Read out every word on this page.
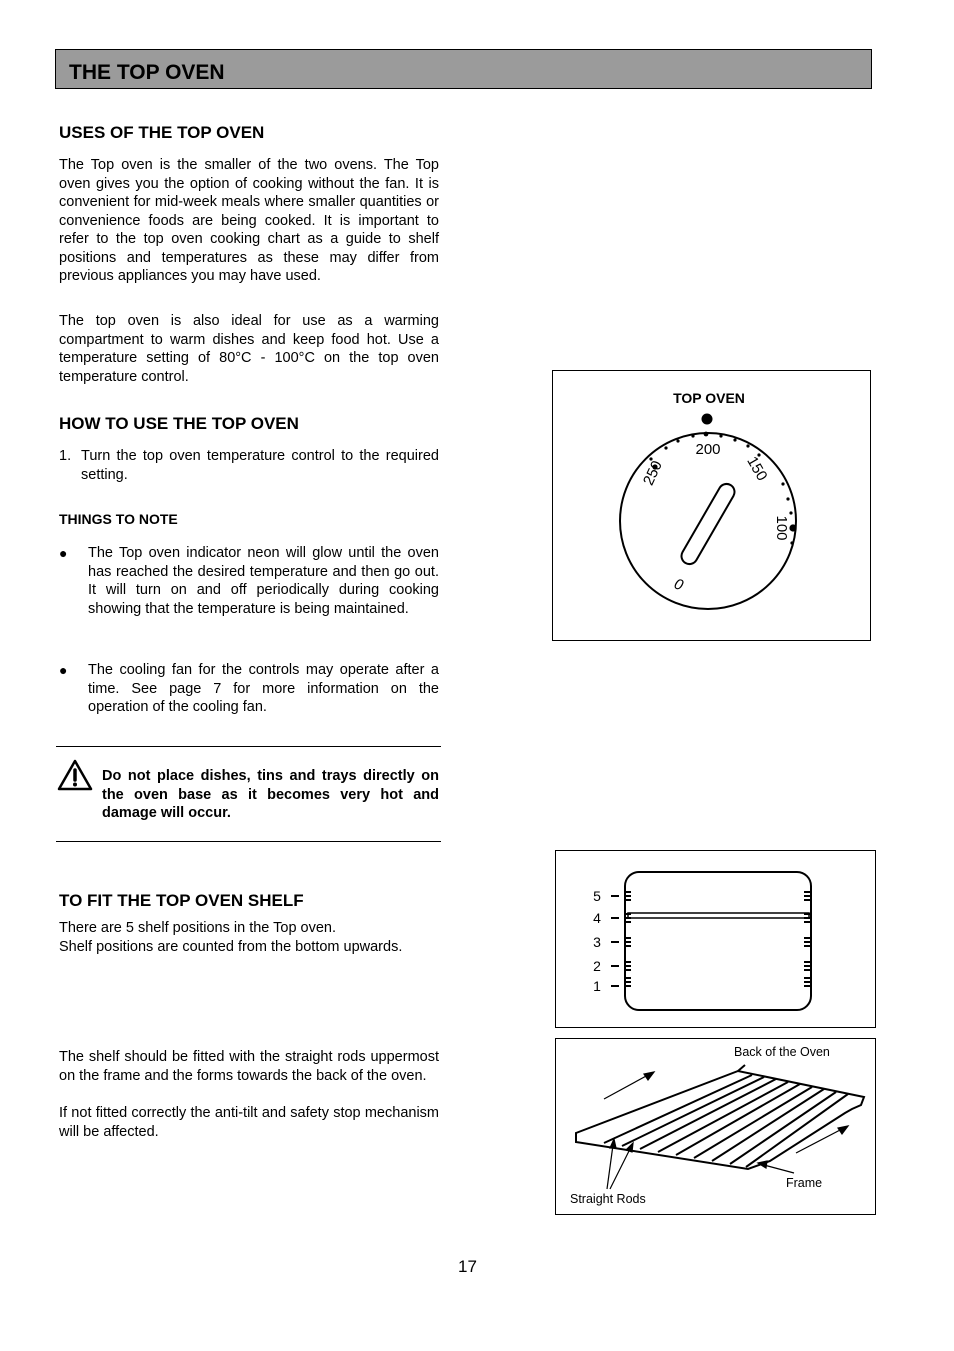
THE TOP OVEN
USES OF THE TOP OVEN
The Top oven is the smaller of the two ovens. The Top oven gives you the option of cooking without the fan. It is convenient for mid-week meals where smaller quantities or convenience foods are being cooked. It is important to refer to the top oven cooking chart as a guide to shelf positions and temperatures as these may differ from previous appliances you may have used.
The top oven is also ideal for use as a warming compartment to warm dishes and keep food hot. Use a temperature setting of 80°C - 100°C on the top oven temperature control.
HOW TO USE THE TOP OVEN
1. Turn the top oven temperature control to the required setting.
THINGS TO NOTE
● The Top oven indicator neon will glow until the oven has reached the desired temperature and then go out. It will turn on and off periodically during cooking showing that the temperature is being maintained.
● The cooling fan for the controls may operate after a time. See page 7 for more information on the operation of the cooling fan.
Do not place dishes, tins and trays directly on the oven base as it becomes very hot and damage will occur.
TO FIT THE TOP OVEN SHELF
There are 5 shelf positions in the Top oven.
Shelf positions are counted from the bottom upwards.
The shelf should be fitted with the straight rods uppermost on the frame and the forms towards the back of the oven.
If not fitted correctly the anti-tilt and safety stop mechanism will be affected.
TOP OVEN
200
150
100
250
0
5
4
3
2
1
Back of the Oven
Frame
Straight Rods
17
